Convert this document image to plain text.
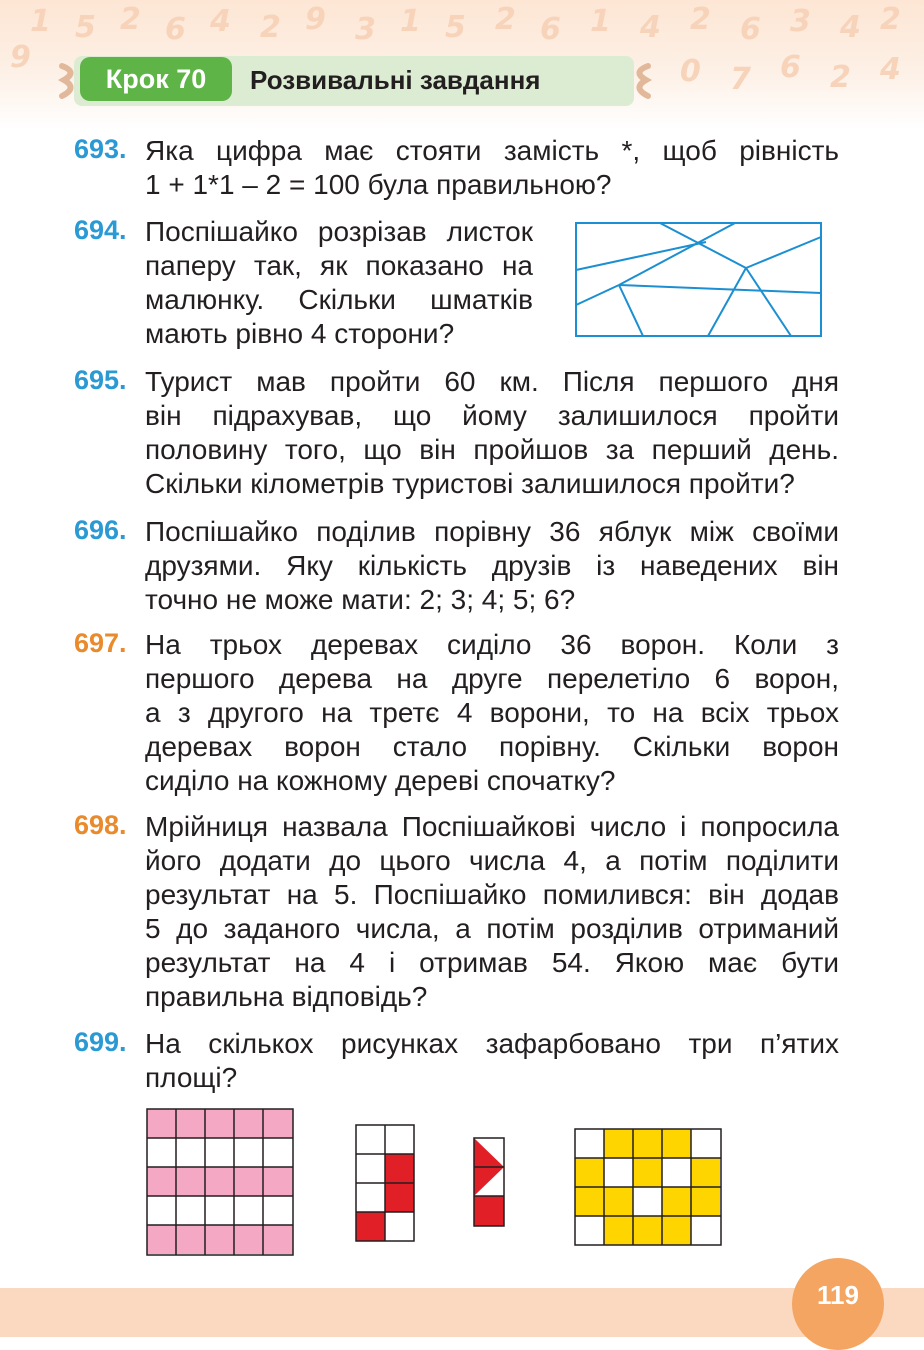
1 5 2 6 4 2 9 3 1 5 2 6 1 4 2 6 3 4 2
9	0 7 6 2 4
Крок 70	Розвивальні завдання
693. Яка цифра має стояти замість *, щоб рівність
1 + 1*1 – 2 = 100 була правильною?
694. Поспішайко розрізав листок
паперу так, як показано на
малюнку. Скільки шматків
мають рівно 4 сторони?
695. Турист мав пройти 60 км. Після першого дня
він підрахував, що йому залишилося пройти
половину того, що він пройшов за перший день.
Скільки кілометрів туристові залишилося пройти?
696. Поспішайко поділив порівну 36 яблук між своїми
друзями. Яку кількість друзів із наведених він
точно не може мати: 2; 3; 4; 5; 6?
697. На трьох деревах сиділо 36 ворон. Коли з
першого дерева на друге перелетіло 6 ворон,
а з другого на третє 4 ворони, то на всіх трьох
деревах ворон стало порівну. Скільки ворон
сиділо на кожному дереві спочатку?
698. Мрійниця назвала Поспішайкові число і попросила
його додати до цього числа 4, а потім поділити
результат на 5. Поспішайко помилився: він додав
5 до заданого числа, а потім розділив отриманий
результат на 4 і отримав 54. Якою має бути
правильна відповідь?
699. На скількох рисунках зафарбовано три п’ятих
площі?
119
